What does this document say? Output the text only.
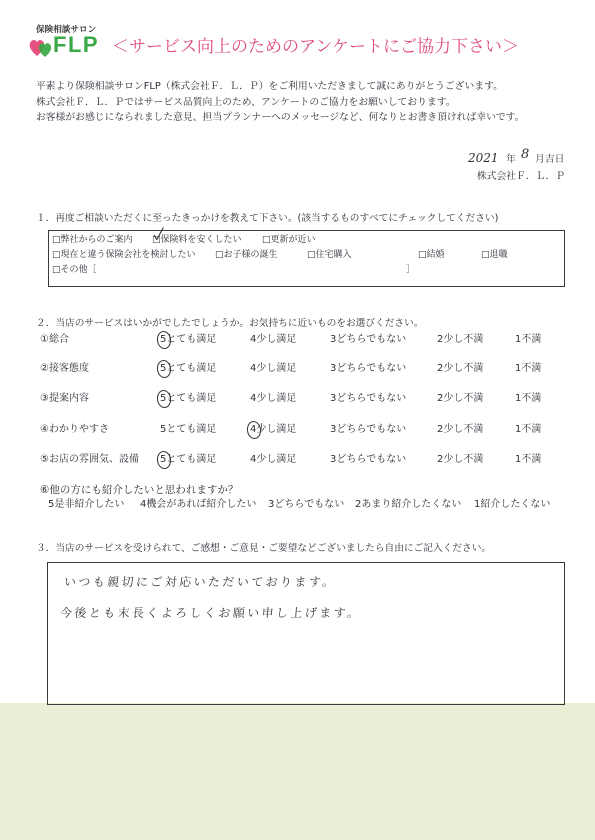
保険相談サロン
FLP ＜サービス向上のためのアンケートにご協力下さい＞
平素より保険相談サロンFLP（株式会社Ｆ．Ｌ．Ｐ）をご利用いただきまして誠にありがとうございます。
株式会社Ｆ．Ｌ．Ｐではサービス品質向上のため、アンケートのご協力をお願いしております。
お客様がお感じになられました意見、担当プランナーへのメッセージなど、何なりとお書き頂ければ幸いです。
2021 年 8 月吉日
株式会社Ｆ．Ｌ．Ｐ
１．再度ご相談いただくに至ったきっかけを教えて下さい。(該当するものすべてにチェックしてください)
□弊社からのご案内 □保険料を安くしたい □更新が近い
□現在と違う保険会社を検討したい □お子様の誕生	□住宅購入	□結婚	□退職
□その他［	］
２．当店のサービスはいかがでしたでしょうか。お気持ちに近いものをお選びください。
①総合	5とても満足	4少し満足	3どちらでもない	2少し不満	1不満
②接客態度	5とても満足	4少し満足	3どちらでもない	2少し不満	1不満
③提案内容	5とても満足	4少し満足	3どちらでもない	2少し不満	1不満
④わかりやすさ	5とても満足	4少し満足	3どちらでもない	2少し不満	1不満
⑤お店の雰囲気、設備 5とても満足	4少し満足	3どちらでもない	2少し不満	1不満
⑥他の方にも紹介したいと思われますか？
5是非紹介したい 4機会があれば紹介したい 3どちらでもない 2あまり紹介したくない 1紹介したくない
３．当店のサービスを受けられて、ご感想・ご意見・ご要望などございましたら自由にご記入ください。
いつも親切にご対応いただいております。
今後とも末長くよろしくお願い申し上げます。
